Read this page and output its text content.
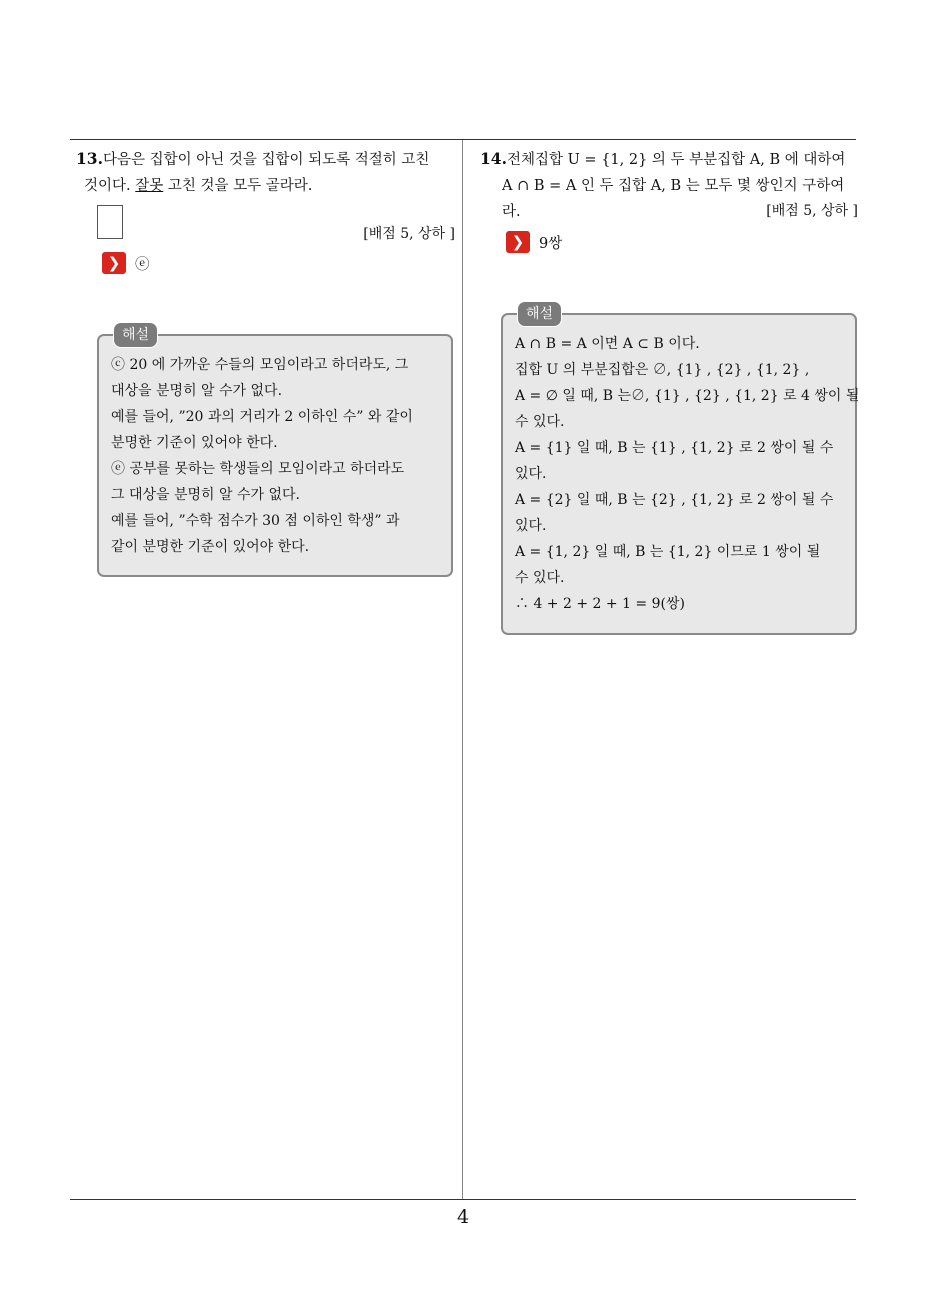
13.다음은 집합이 아닌 것을 집합이 되도록 적절히 고친
것이다. 잘못 고친 것을 모두 골라라.
[배점 5, 상하 ]
❯	ⓔ
해설
ⓒ 20 에 가까운 수들의 모임이라고 하더라도, 그
대상을 분명히 알 수가 없다.
예를 들어, ”20 과의 거리가 2 이하인 수” 와 같이
분명한 기준이 있어야 한다.
ⓔ 공부를 못하는 학생들의 모임이라고 하더라도
그 대상을 분명히 알 수가 없다.
예를 들어, ”수학 점수가 30 점 이하인 학생” 과
같이 분명한 기준이 있어야 한다.
14.전체집합 U = {1, 2} 의 두 부분집합 A, B 에 대하여
A ∩ B = A 인 두 집합 A, B 는 모두 몇 쌍인지 구하여
라.	[배점 5, 상하 ]
❯	9쌍
해설
A ∩ B = A 이면 A ⊂ B 이다.
집합 U 의 부분집합은 ∅, {1} , {2} , {1, 2} ,
A = ∅ 일 때, B 는∅, {1} , {2} , {1, 2} 로 4 쌍이 될
수 있다.
A = {1} 일 때, B 는 {1} , {1, 2} 로 2 쌍이 될 수
있다.
A = {2} 일 때, B 는 {2} , {1, 2} 로 2 쌍이 될 수
있다.
A = {1, 2} 일 때, B 는 {1, 2} 이므로 1 쌍이 될
수 있다.
∴ 4 + 2 + 2 + 1 = 9(쌍)
4
